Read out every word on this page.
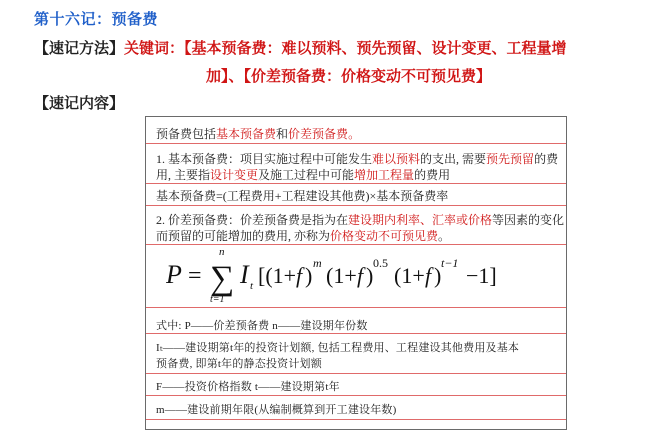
第十六记：预备费
【速记方法】关键词：【基本预备费：难以预料、预先预留、设计变更、工程量增
加】、【价差预备费：价格变动不可预见费】
【速记内容】
预备费包括基本预备费和价差预备费。
1. 基本预备费：项目实施过程中可能发生难以预料的支出, 需要预先预留的费
用, 主要指设计变更及施工过程中可能增加工程量的费用
基本预备费=(工程费用+工程建设其他费)×基本预备费率
2. 价差预备费：价差预备费是指为在建设期内利率、汇率或价格等因素的变化
而预留的可能增加的费用, 亦称为价格变动不可预见费。
P =
n
∑
t=1
I t [(1+ f ) m (1+ f ) 0.5 (1+ f ) t−1 −1]
式中: P——价差预备费 n——建设期年份数
Iₜ——建设期第t年的投资计划额, 包括工程费用、工程建设其他费用及基本
预备费, 即第t年的静态投资计划额
F——投资价格指数 t——建设期第t年
m——建设前期年限(从编制概算到开工建设年数)
